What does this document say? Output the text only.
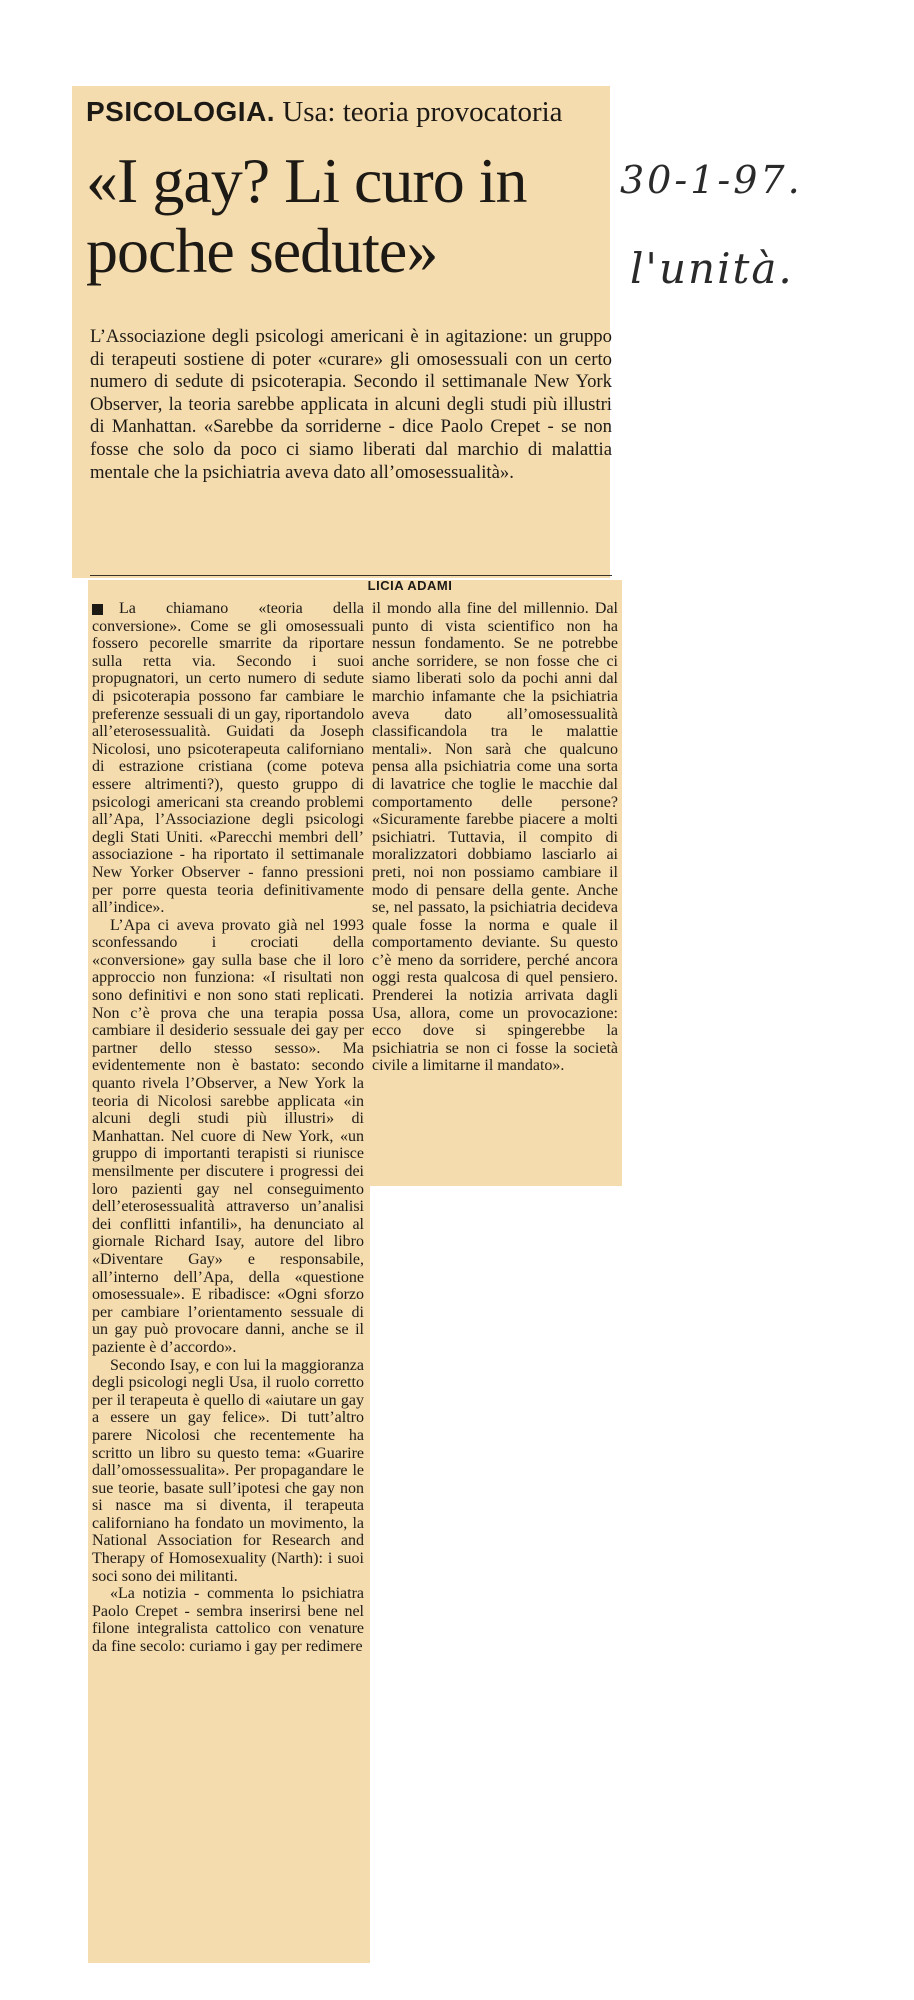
PSICOLOGIA. Usa: teoria provocatoria
«I gay? Li curo in poche sedute»

L’Associazione degli psicologi americani è in agitazione: un gruppo di terapeuti sostiene di poter «curare» gli omosessuali con un certo numero di sedute di psicoterapia. Secondo il settimanale New York Observer, la teoria sarebbe applicata in alcuni degli studi più illustri di Manhattan. «Sarebbe da sorriderne - dice Paolo Crepet - se non fosse che solo da poco ci siamo liberati dal marchio di malattia mentale che la psichiatria aveva dato all’omosessualità».

LICIA ADAMI

La chiamano «teoria della conversione». Come se gli omosessuali fossero pecorelle smarrite da riportare sulla retta via. Secondo i suoi propugnatori, un certo numero di sedute di psicoterapia possono far cambiare le preferenze sessuali di un gay, riportandolo all’eterosessualità. Guidati da Joseph Nicolosi, uno psicoterapeuta californiano di estrazione cristiana (come poteva essere altrimenti?), questo gruppo di psicologi americani sta creando problemi all’Apa, l’Associazione degli psicologi degli Stati Uniti. «Parecchi membri dell’ associazione - ha riportato il settimanale New Yorker Observer - fanno pressioni per porre questa teoria definitivamente all’indice».

L’Apa ci aveva provato già nel 1993 sconfessando i crociati della «conversione» gay sulla base che il loro approccio non funziona: «I risultati non sono definitivi e non sono stati replicati. Non c’è prova che una terapia possa cambiare il desiderio sessuale dei gay per partner dello stesso sesso». Ma evidentemente non è bastato: secondo quanto rivela l’Observer, a New York la teoria di Nicolosi sarebbe applicata «in alcuni degli studi più illustri» di Manhattan. Nel cuore di New York, «un gruppo di importanti terapisti si riunisce mensilmente per discutere i progressi dei loro pazienti gay nel conseguimento dell’eterosessualità attraverso un’analisi dei conflitti infantili», ha denunciato al giornale Richard Isay, autore del libro «Diventare Gay» e responsabile, all’interno dell’Apa, della «questione omosessuale». E ribadisce: «Ogni sforzo per cambiare l’orientamento sessuale di un gay può provocare danni, anche se il paziente è d’accordo».

Secondo Isay, e con lui la maggioranza degli psicologi negli Usa, il ruolo corretto per il terapeuta è quello di «aiutare un gay a essere un gay felice». Di tutt’altro parere Nicolosi che recentemente ha scritto un libro su questo tema: «Guarire dall’omossessualita». Per propagandare le sue teorie, basate sull’ipotesi che gay non si nasce ma si diventa, il terapeuta californiano ha fondato un movimento, la National Association for Research and Therapy of Homosexuality (Narth): i suoi soci sono dei militanti.

«La notizia - commenta lo psichiatra Paolo Crepet - sembra inserirsi bene nel filone integralista cattolico con venature da fine secolo: curiamo i gay per redimere

il mondo alla fine del millennio. Dal punto di vista scientifico non ha nessun fondamento. Se ne potrebbe anche sorridere, se non fosse che ci siamo liberati solo da pochi anni dal marchio infamante che la psichiatria aveva dato all’omosessualità classificandola tra le malattie mentali». Non sarà che qualcuno pensa alla psichiatria come una sorta di lavatrice che toglie le macchie dal comportamento delle persone? «Sicuramente farebbe piacere a molti psichiatri. Tuttavia, il compito di moralizzatori dobbiamo lasciarlo ai preti, noi non possiamo cambiare il modo di pensare della gente. Anche se, nel passato, la psichiatria decideva quale fosse la norma e quale il comportamento deviante. Su questo c’è meno da sorridere, perché ancora oggi resta qualcosa di quel pensiero. Prenderei la notizia arrivata dagli Usa, allora, come un provocazione: ecco dove si spingerebbe la psichiatria se non ci fosse la società civile a limitarne il mandato».

30-1-97.
l'unità.
